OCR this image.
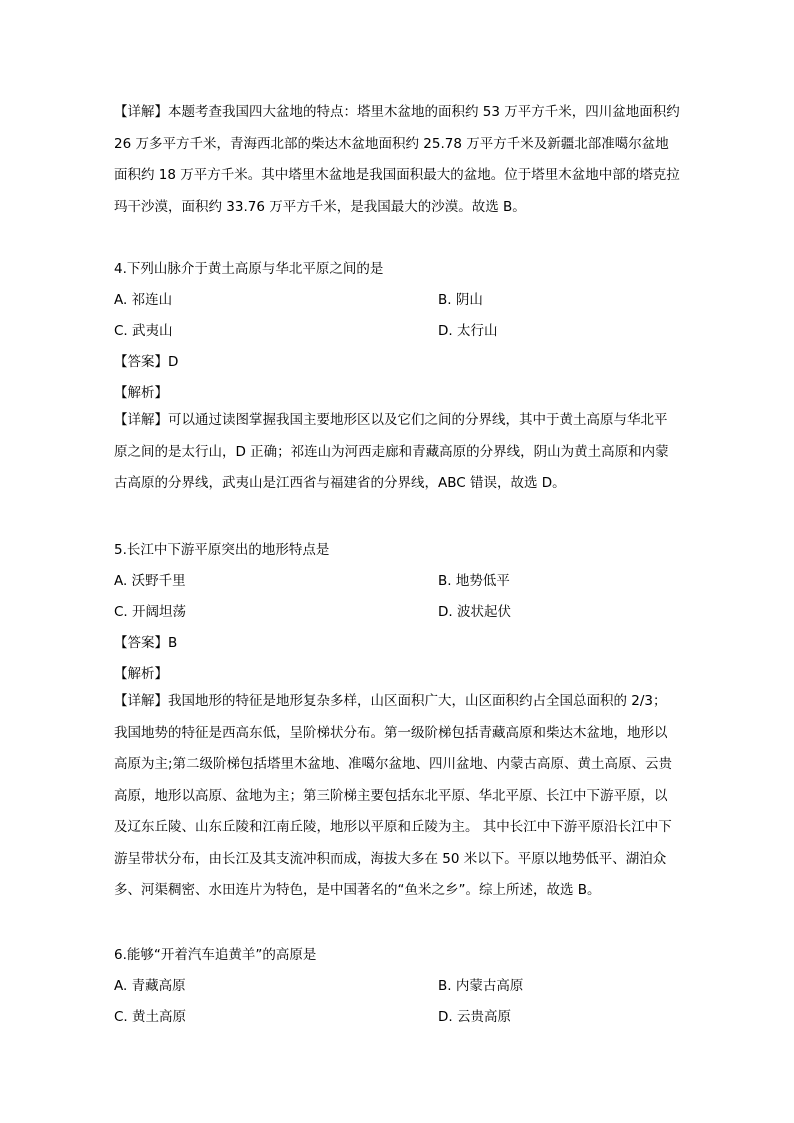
【详解】本题考查我国四大盆地的特点：塔里木盆地的面积约 53 万平方千米，四川盆地面积约 26 万多平方千米，青海西北部的柴达木盆地面积约 25.78 万平方千米及新疆北部准噶尔盆地面积约 18 万平方千米。其中塔里木盆地是我国面积最大的盆地。位于塔里木盆地中部的塔克拉玛干沙漠，面积约 33.76 万平方千米，是我国最大的沙漠。故选 B。
4.下列山脉介于黄土高原与华北平原之间的是
A. 祁连山	B. 阴山
C. 武夷山	D. 太行山
【答案】D
【解析】
【详解】可以通过读图掌握我国主要地形区以及它们之间的分界线，其中于黄土高原与华北平原之间的是太行山，D 正确；祁连山为河西走廊和青藏高原的分界线，阴山为黄土高原和内蒙古高原的分界线，武夷山是江西省与福建省的分界线，ABC 错误，故选 D。
5.长江中下游平原突出的地形特点是
A. 沃野千里	B. 地势低平
C. 开阔坦荡	D. 波状起伏
【答案】B
【解析】
【详解】我国地形的特征是地形复杂多样，山区面积广大，山区面积约占全国总面积的 2/3；我国地势的特征是西高东低，呈阶梯状分布。第一级阶梯包括青藏高原和柴达木盆地，地形以高原为主;第二级阶梯包括塔里木盆地、准噶尔盆地、四川盆地、内蒙古高原、黄土高原、云贵高原，地形以高原、盆地为主；第三阶梯主要包括东北平原、华北平原、长江中下游平原，以及辽东丘陵、山东丘陵和江南丘陵，地形以平原和丘陵为主。 其中长江中下游平原沿长江中下游呈带状分布，由长江及其支流冲积而成，海拔大多在 50 米以下。平原以地势低平、湖泊众多、河渠稠密、水田连片为特色，是中国著名的“鱼米之乡”。综上所述，故选 B。
6.能够“开着汽车追黄羊”的高原是
A. 青藏高原	B. 内蒙古高原
C. 黄土高原	D. 云贵高原
